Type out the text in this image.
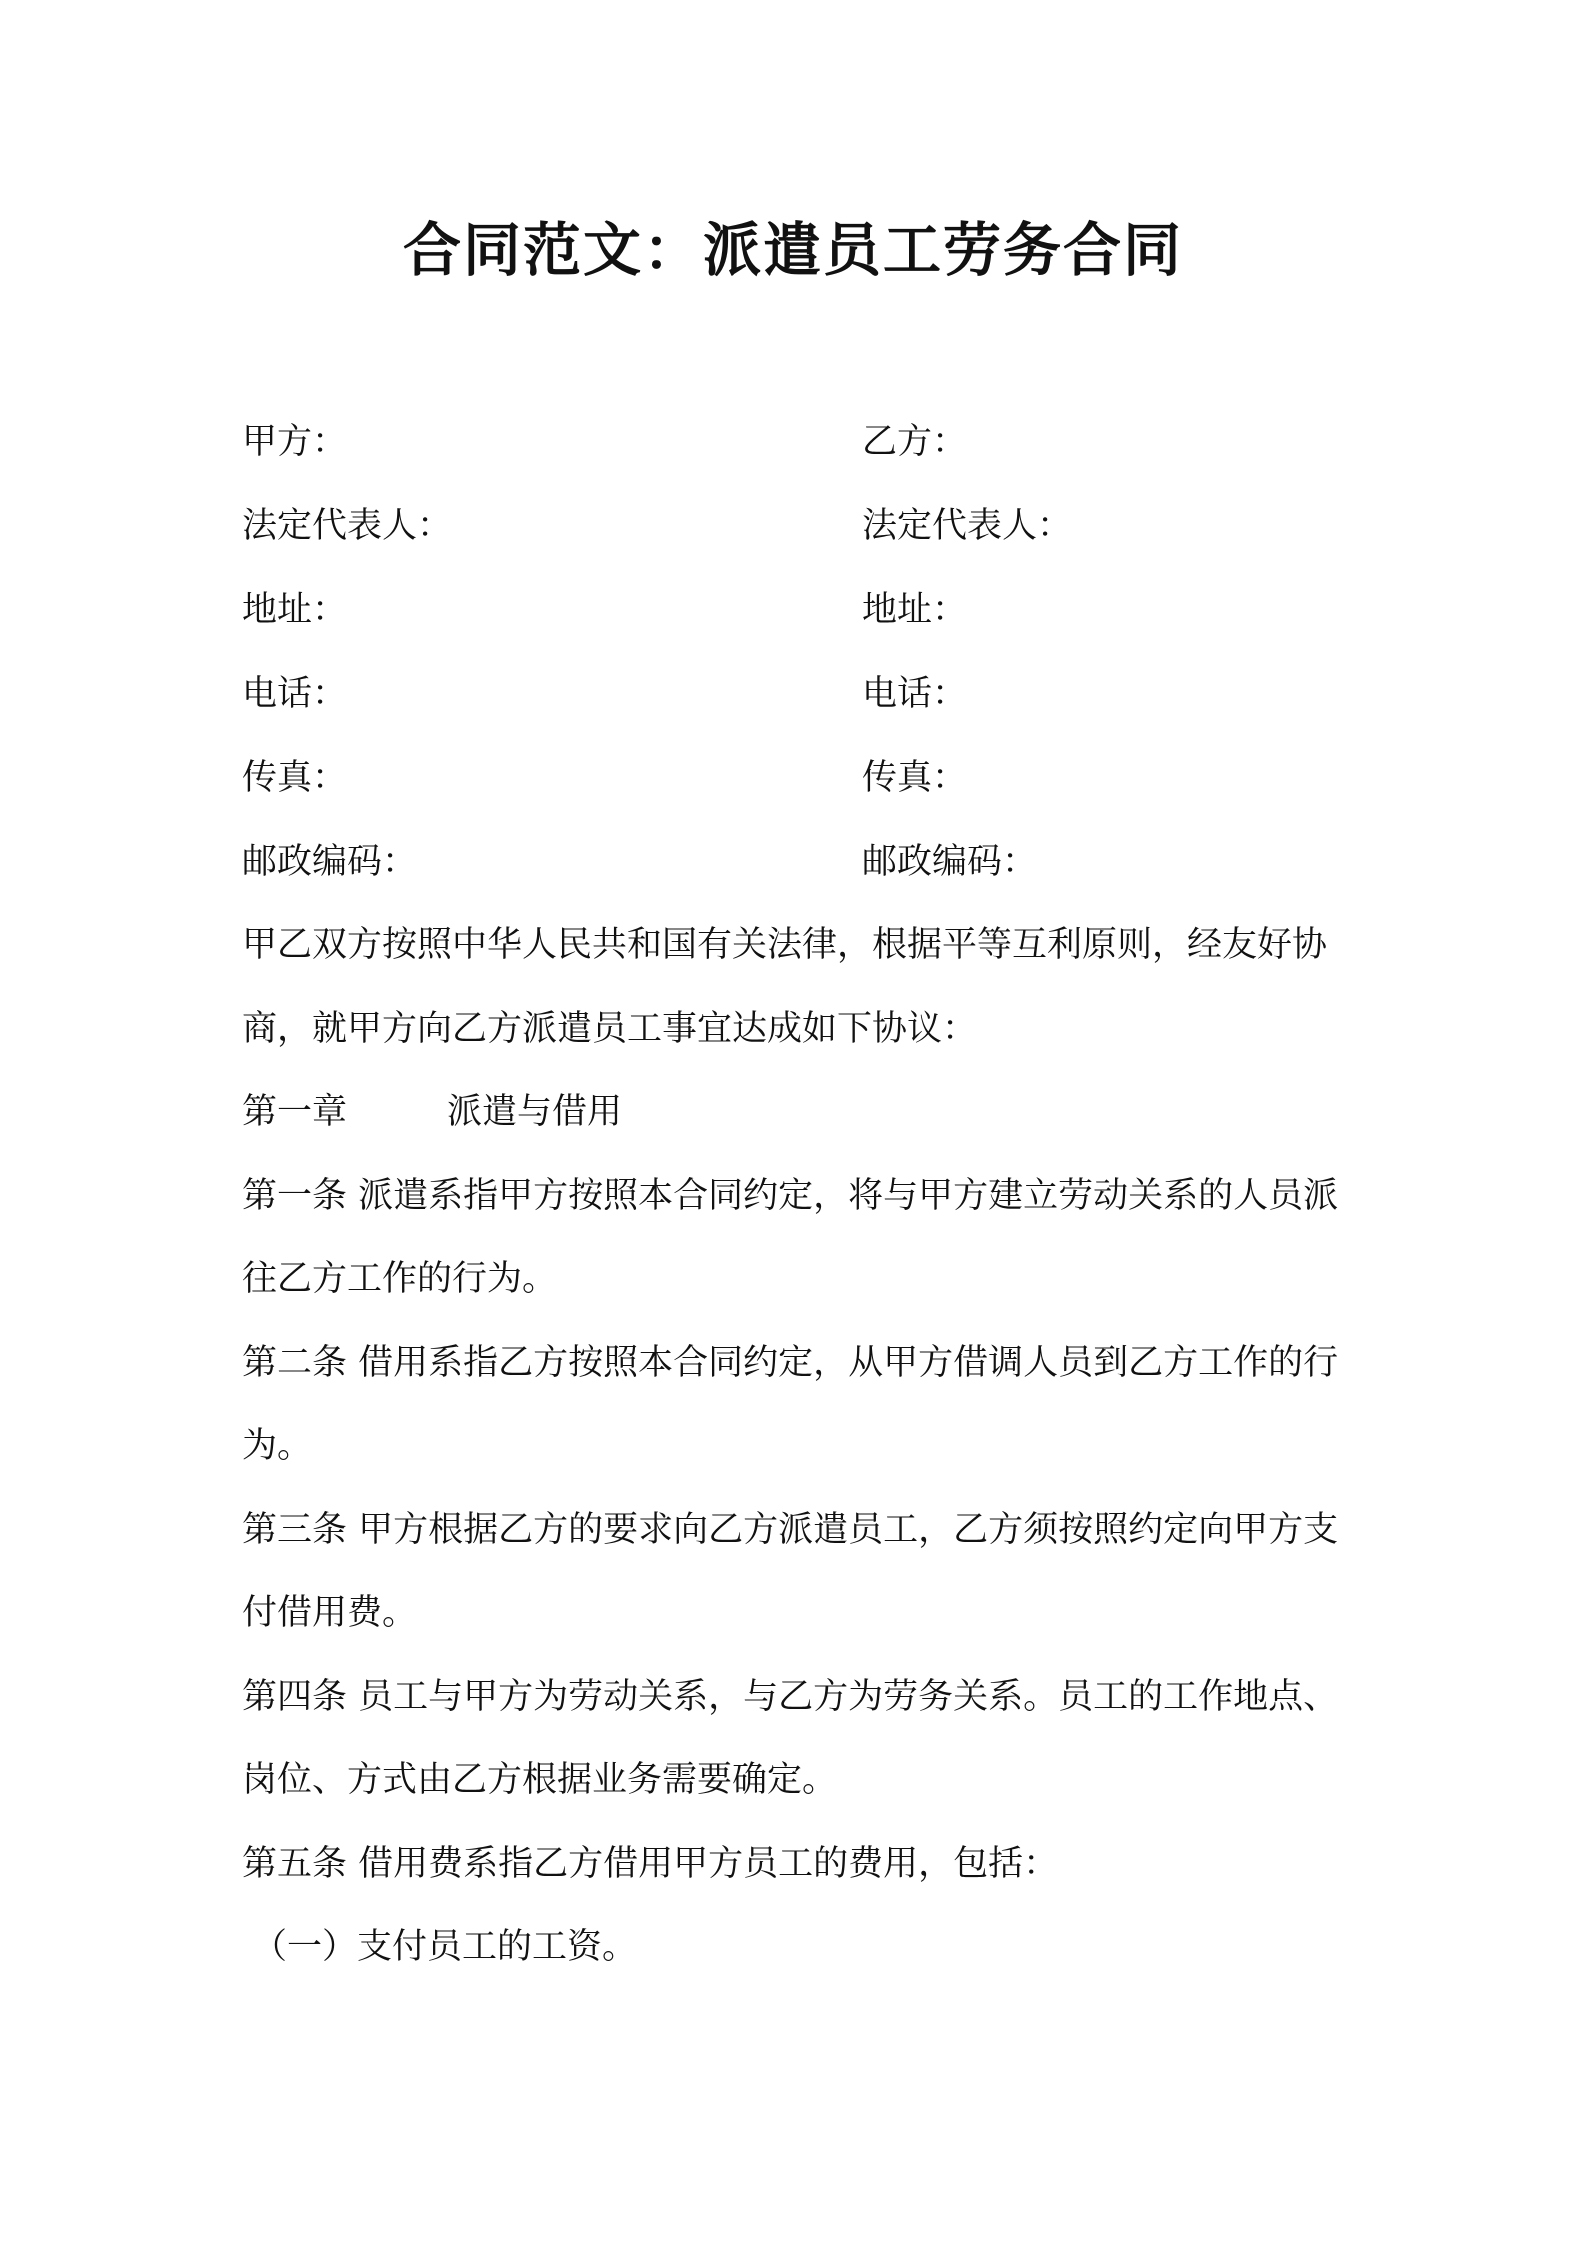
合同范文：派遣员工劳务合同
甲方：	乙方：
法定代表人：	法定代表人：
地址：	地址：
电话：	电话：
传真：	传真：
邮政编码：	邮政编码：

甲乙双方按照中华人民共和国有关法律，根据平等互利原则，经友好协商，就甲方向乙方派遣员工事宜达成如下协议：

第一章	派遣与借用

第一条 派遣系指甲方按照本合同约定，将与甲方建立劳动关系的人员派往乙方工作的行为。

第二条 借用系指乙方按照本合同约定，从甲方借调人员到乙方工作的行为。

第三条 甲方根据乙方的要求向乙方派遣员工，乙方须按照约定向甲方支付借用费。

第四条 员工与甲方为劳动关系，与乙方为劳务关系。员工的工作地点、岗位、方式由乙方根据业务需要确定。

第五条 借用费系指乙方借用甲方员工的费用，包括：

（一）支付员工的工资。
